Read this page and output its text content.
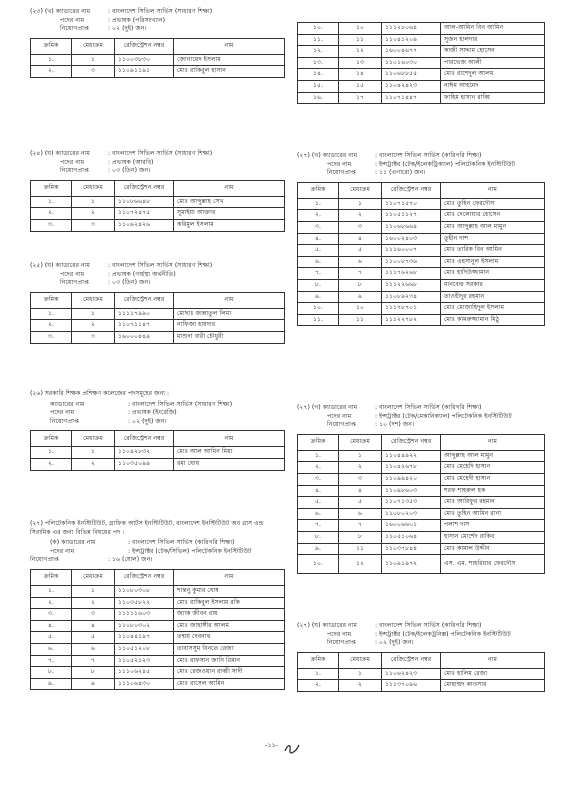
(২৩) (খ) ক্যাডারের নাম	: বাংলাদেশ সিভিল সার্ভিস (সাধারণ শিক্ষা)
পদের নাম	: প্রভাষক (পরিসংখ্যান)
নিয়োগপ্রাপ্ত	: ০২ (দুই) জন।
ক্রমিক	মেধাক্রম	রেজিস্ট্রেশন নম্বর	নাম
১.	১	১১০০৩৮৩০	জোনায়েদ ইসলাম
২.	৩	১১০৯১১৯১	মোঃ রাকিবুল হাসান
(২৪) (ঘ) ক্যাডারের নাম	: বাংলাদেশ সিভিল সার্ভিস (সাধারণ শিক্ষা)
পদের নাম	: প্রভাষক (আরবি)
নিয়োগপ্রাপ্ত	: ০৩ (তিন) জন।
ক্রমিক	মেধাক্রম	রেজিস্ট্রেশন নম্বর	নাম
১.	১	১১০৮৬৬৪৮	মোঃ আব্দুল্লাহ সেখ
২.	২	১১০৭২৪৭৫	সুমাইয়া আক্তার
৩.	৩	১১০৬২৪২৬	করিমুল ইসলাম
(২৫) (ঘ) ক্যাডারের নাম	: বাংলাদেশ সিভিল সার্ভিস (সাধারণ শিক্ষা)
পদের নাম	: প্রভাষক (গার্হস্থ্য অর্থনীতি)
নিয়োগপ্রাপ্ত	: ০৩ (তিন) জন।
ক্রমিক	মেধাক্রম	রেজিস্ট্রেশন নম্বর	নাম
১.	১	১১১১৭৯৯০	মোছাঃ জান্নাতুল লিমা
২.	২	১১০৭১১৪৭	নাফিজা হায়দার
৩.	৩	১৬০০০৪৪৯	মাশুদা বারী চৌধুরী
(২৬) সরকারি শিক্ষক প্রশিক্ষণ কলেজের পদসমূহের জন্য :
ক্যাডারের নাম	: বাংলাদেশ সিভিল সার্ভিস (সাধারণ শিক্ষা)
পদের নাম	: প্রভাষক (ইংরেজি)
নিয়োগপ্রাপ্ত	: ০২ (দুই) জন।
ক্রমিক	মেধাক্রম	রেজিস্ট্রেশন নম্বর	নাম
১.	১	১১০৪২৮৩২	মোঃ আল আমিন মিয়া
২.	২	১১০৩৫০৯৯	রমা ঘোষ
(২৭) পলিটেকনিক ইনস্টিটিউট, গ্রাফিক আর্টস ইনস্টিটিউট, বাংলাদেশ ইনস্টিটিউট অব গ্লাস এন্ড সিরামিক এর জন্য বিভিন্ন বিষয়ের পদ :
(ক) ক্যাডারের নাম	: বাংলাদেশ সিভিল সার্ভিস (কারিগরি শিক্ষা)
পদের নাম	: ইন্সট্রাক্টর (টেক/সিভিল) পলিটেকনিক ইনস্টিটিউট
নিয়োগপ্রাপ্ত	: ১৬ (ষোল) জন।
ক্রমিক	মেধাক্রম	রেজিস্ট্রেশন নম্বর	নাম
১.	১	১১০৮০৩০৮	শান্তনু কুমার ঘোষ
২.	২	১১০৩৫৮২২	মোঃ রাকিবুল ইসলাম রকি
৩.	৩	১১১১১৬০৩	জ্যাক জীবন রায়
৪.	৪	১১০৮০৩০২	মোঃ জাহাঙ্গীর আলম
৫.	৫	১১০৪৪১৯৭	তন্ময় দেবনাথ
৬.	৬	১১০৫১২০৮	তাবাসসুম বিনতে রেজা
৭.	৭	১১০৫২১২৩	মোঃ রাফসান জানি রিমান
৮.	৮	১১১০৬২৪৫	মোঃ রেজওয়ান রাব্বী সাদী
৯.	৯	১১১০৬৪৩০	মোঃ রাসেল আমিন
১০.	১০	১১১২৮০৬৪	আল-আমিন বিন আমিন
১১.	১১	১১০৪১২০৯	সুজন হালদার
১২.	১২	১৬০০৪৬৭৭	কাজী সাদ্দাম হোসেন
১৩.	১৩	১১০১৬০৩০	পারভেজ আলী
১৪.	১৪	১১০৬৮৮৫৫	মোঃ রাশেদুল আলম
১৫.	১৫	১১০৪২৪২৩	নাঈম আহমেদ
১৬.	১৭	১১০৭১৪৪৭	ফাহিম হাসান রাব্বি
(২৭) (খ) ক্যাডারের নাম	: বাংলাদেশ সিভিল সার্ভিস (কারিগরি শিক্ষা)
পদের নাম	: ইন্সট্রাক্টর (টেক/ইলেকট্রিক্যাল) পলিটেকনিক ইনস্টিটিউট
নিয়োগপ্রাপ্ত	: ১১ (এগারো) জন।
ক্রমিক	মেধাক্রম	রেজিস্ট্রেশন নম্বর	নাম
১.	১	১১০৭১৫৭০	মোঃ তুহিন ফেরদৌস
২.	২	১১০৫১১২৭	মোঃ দেলোয়ার হোসেন
৩.	৩	১১০৬৮৬৬৪	মোঃ আব্দুল্লাহ আল মামুন
৪.	৪	১৬০০২৪০৩	তুহীন দাশ
৫.	৫	১১১৬০০০৭	মোঃ তারিক বিন আমিন
৬.	৬	১১০০৮৭৩৬	মোঃ এহসানুল ইসলাম
৭.	৭	১১১৭৬২৬৮	মোঃ হাদিউজ্জামান
৮.	৮	১১১২২৬৬৮	মানবেন্দ্র সরকার
৯.	৯	১১০৮৯২৩৪	তাওহীদুর রহমান
১০.	১০	১১১৭৮৭০১	মোঃ মোজাহিদুল ইসলাম
১১.	১১	১১১২২৭৮২	মোঃ কামরুজ্জামান মিঠু
(২৭) (গ) ক্যাডারের নাম	: বাংলাদেশ সিভিল সার্ভিস (কারিগরি শিক্ষা)
পদের নাম	: ইন্সট্রাক্টর (টেক/মেকানিক্যাল) পলিটেকনিক ইনস্টিটিউট
নিয়োগপ্রাপ্ত	: ১০ (দশ) জন।
ক্রমিক	মেধাক্রম	রেজিস্ট্রেশন নম্বর	নাম
১.	১	১১০৪৪৯২২	আব্দুল্লাহ আল মামুন
২.	২	১১০৪২৬৭৮	মোঃ মেহেদি হাসান
৩.	৩	১১০৯৯৪২০	মোঃ মেহেদী হাসান
৪.	৪	১১০৯৮৬০৩	শরফ শাহরুল হক
৫.	৫	১১০৭১৩৫৩	মোঃ আরিফুর রহমান
৬.	৬	১১০৮০২০৩	মোঃ তুহিন আমিন রানা
৭.	৭	১৬০০৬৬০১	পলাশ দাস
৮.	৮	১১০৫১০৬৪	হাসান মোর্শেদ রাকিব
৯.	১১	১১০৩৭৮৪৪	মোঃ কামাল উদ্দীন
১০.	১২	১১০৯১৯৭২	এস. এম. শাহরিয়ার ফেরদৌস
(২৭) (ঘ) ক্যাডারের নাম	: বাংলাদেশ সিভিল সার্ভিস (কারিগরি শিক্ষা)
পদের নাম	: ইন্সট্রাক্টর (টেক/ইলেকট্রনিক্স) পলিটেকনিক ইনস্টিটিউট
নিয়োগপ্রাপ্ত	: ০২ (দুই) জন।
ক্রমিক	মেধাক্রম	রেজিস্ট্রেশন নম্বর	নাম
১.	১	১১০৬২৪২৩	মোঃ হালিম রেজা
২.	২	১১১৩৭০৯৬	মোহাম্মদ কাওসার
-১১-
